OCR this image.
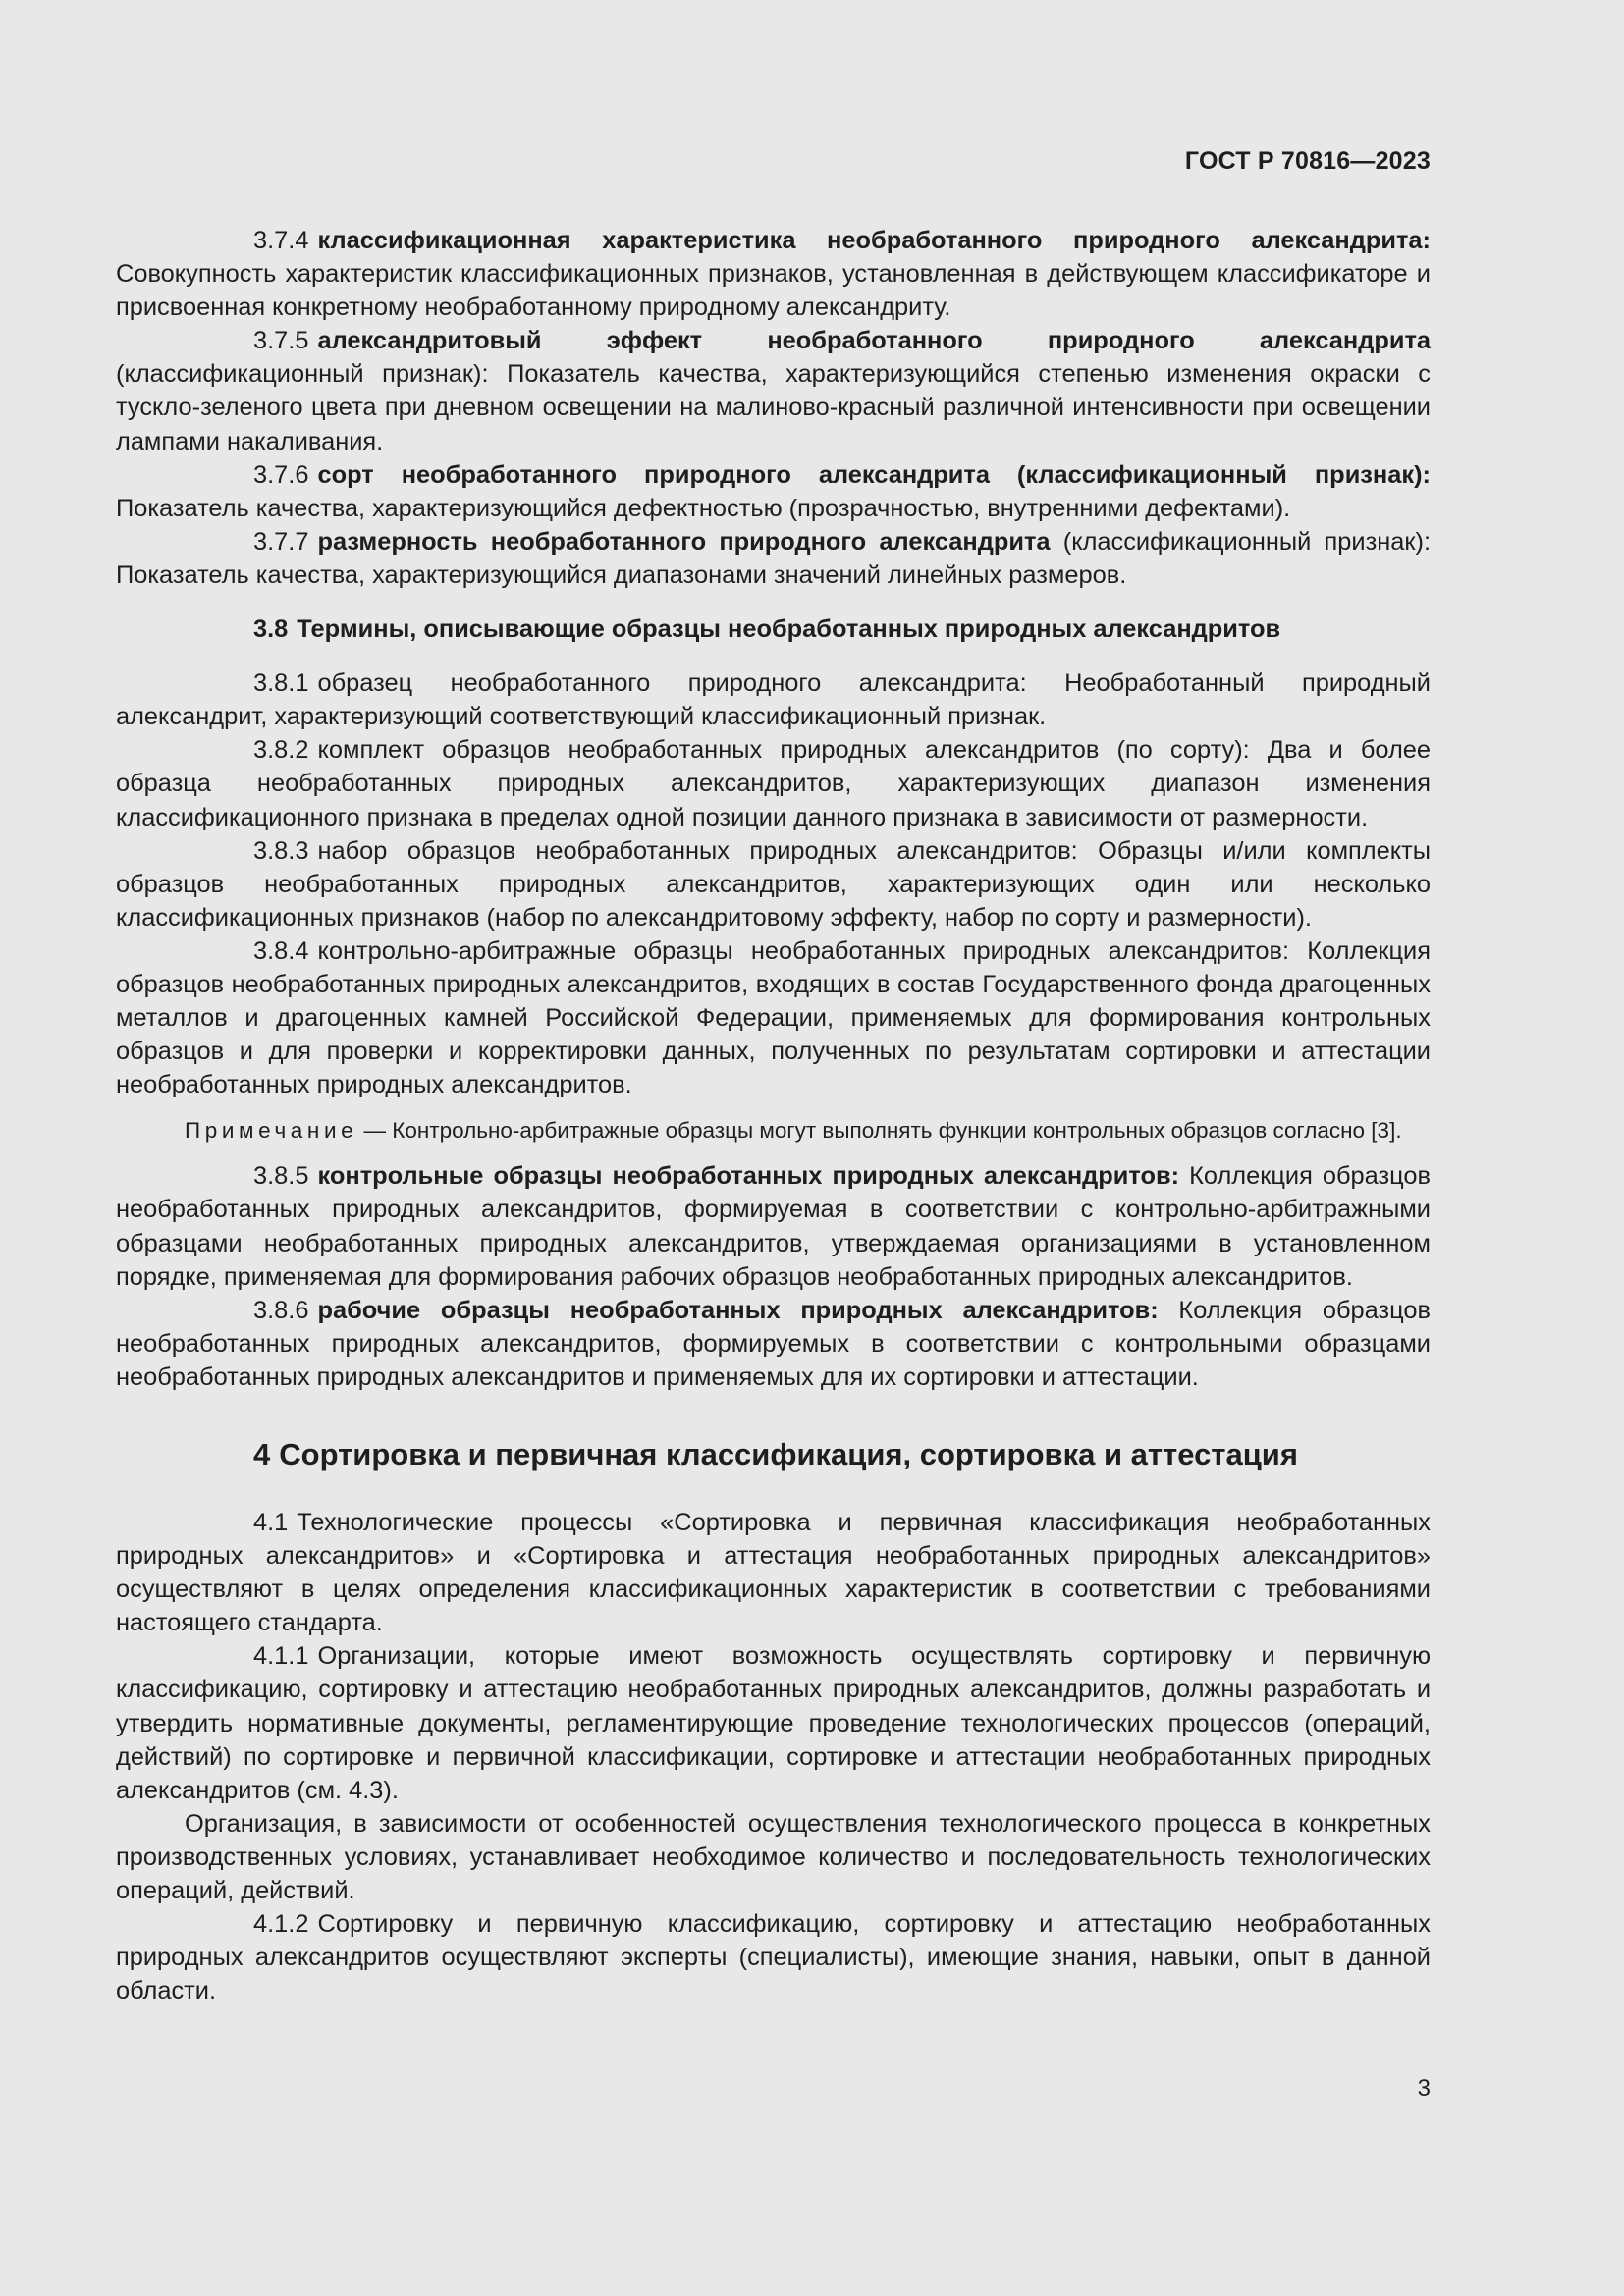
ГОСТ Р 70816—2023

3.7.4 классификационная характеристика необработанного природного александрита: Совокупность характеристик классификационных признаков, установленная в действующем классификаторе и присвоенная конкретному необработанному природному александриту.

3.7.5 александритовый эффект необработанного природного александрита (классификационный признак): Показатель качества, характеризующийся степенью изменения окраски с тускло-зеленого цвета при дневном освещении на малиново-красный различной интенсивности при освещении лампами накаливания.

3.7.6 сорт необработанного природного александрита (классификационный признак): Показатель качества, характеризующийся дефектностью (прозрачностью, внутренними дефектами).

3.7.7 размерность необработанного природного александрита (классификационный признак): Показатель качества, характеризующийся диапазонами значений линейных размеров.

3.8 Термины, описывающие образцы необработанных природных александритов

3.8.1 образец необработанного природного александрита: Необработанный природный александрит, характеризующий соответствующий классификационный признак.

3.8.2 комплект образцов необработанных природных александритов (по сорту): Два и более образца необработанных природных александритов, характеризующих диапазон изменения классификационного признака в пределах одной позиции данного признака в зависимости от размерности.

3.8.3 набор образцов необработанных природных александритов: Образцы и/или комплекты образцов необработанных природных александритов, характеризующих один или несколько классификационных признаков (набор по александритовому эффекту, набор по сорту и размерности).

3.8.4 контрольно-арбитражные образцы необработанных природных александритов: Коллекция образцов необработанных природных александритов, входящих в состав Государственного фонда драгоценных металлов и драгоценных камней Российской Федерации, применяемых для формирования контрольных образцов и для проверки и корректировки данных, полученных по результатам сортировки и аттестации необработанных природных александритов.

Примечание — Контрольно-арбитражные образцы могут выполнять функции контрольных образцов согласно [3].

3.8.5 контрольные образцы необработанных природных александритов: Коллекция образцов необработанных природных александритов, формируемая в соответствии с контрольно-арбитражными образцами необработанных природных александритов, утверждаемая организациями в установленном порядке, применяемая для формирования рабочих образцов необработанных природных александритов.

3.8.6 рабочие образцы необработанных природных александритов: Коллекция образцов необработанных природных александритов, формируемых в соответствии с контрольными образцами необработанных природных александритов и применяемых для их сортировки и аттестации.

4 Сортировка и первичная классификация, сортировка и аттестация

4.1 Технологические процессы «Сортировка и первичная классификация необработанных природных александритов» и «Сортировка и аттестация необработанных природных александритов» осуществляют в целях определения классификационных характеристик в соответствии с требованиями настоящего стандарта.

4.1.1 Организации, которые имеют возможность осуществлять сортировку и первичную классификацию, сортировку и аттестацию необработанных природных александритов, должны разработать и утвердить нормативные документы, регламентирующие проведение технологических процессов (операций, действий) по сортировке и первичной классификации, сортировке и аттестации необработанных природных александритов (см. 4.3).

Организация, в зависимости от особенностей осуществления технологического процесса в конкретных производственных условиях, устанавливает необходимое количество и последовательность технологических операций, действий.

4.1.2 Сортировку и первичную классификацию, сортировку и аттестацию необработанных природных александритов осуществляют эксперты (специалисты), имеющие знания, навыки, опыт в данной области.

3
